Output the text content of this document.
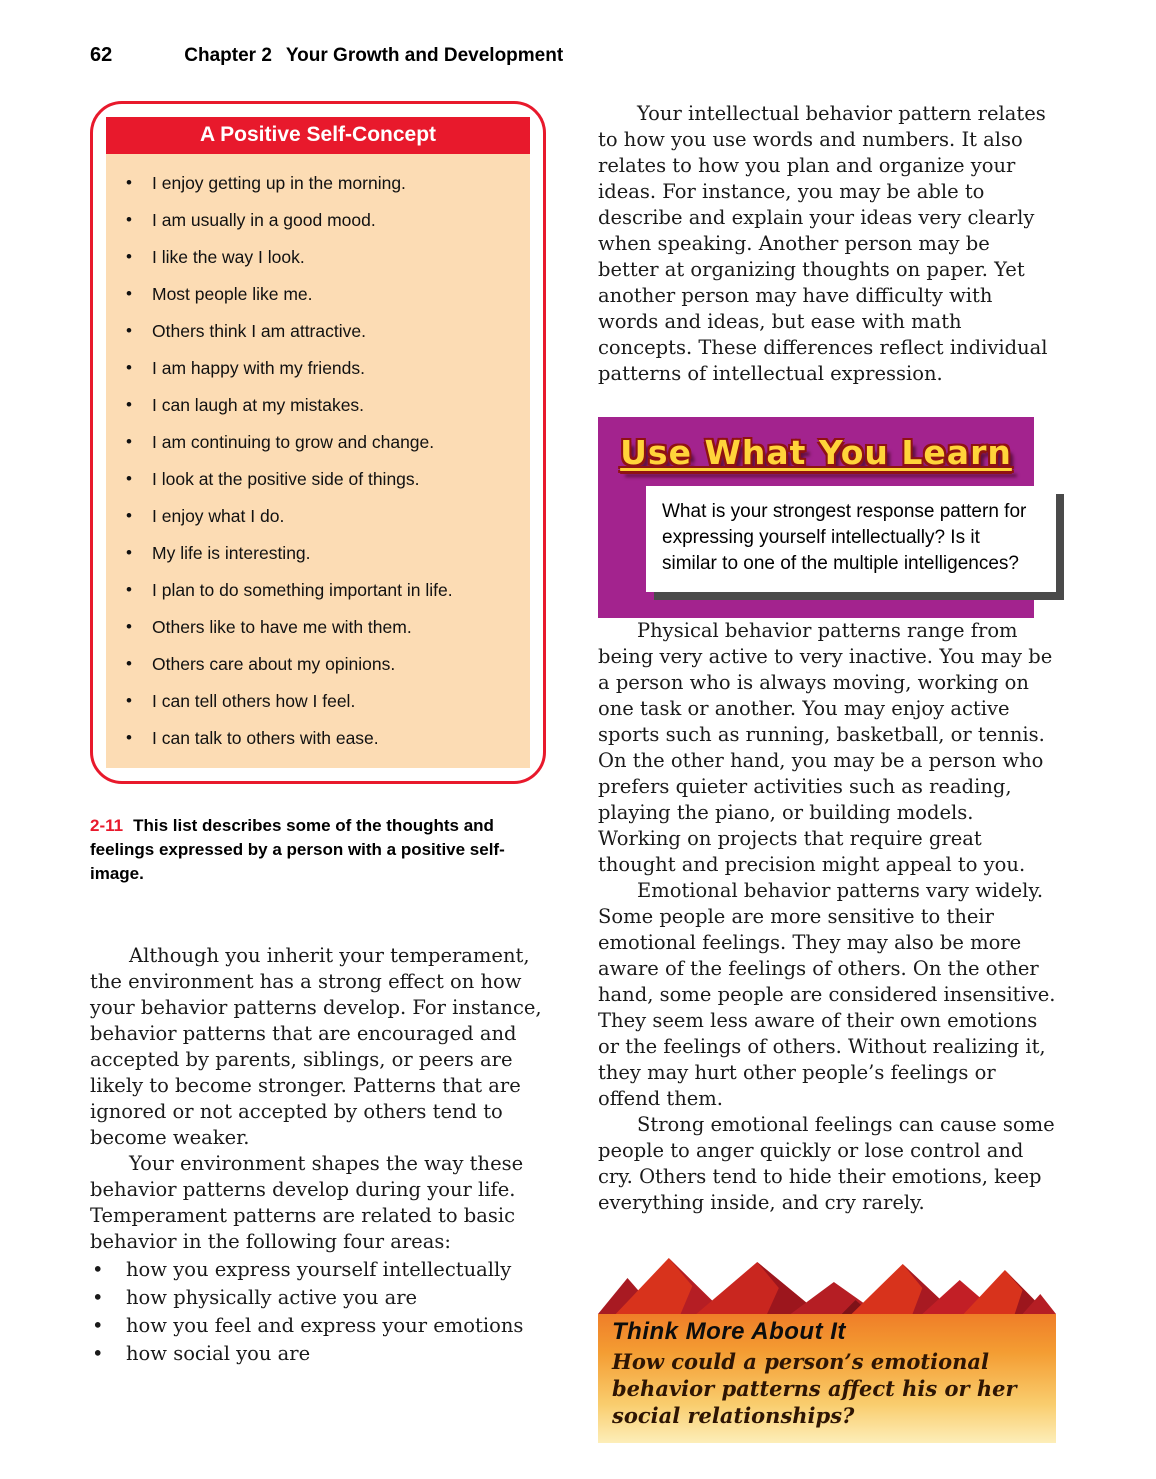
62	Chapter 2 Your Growth and Development
A Positive Self-Concept
•	I enjoy getting up in the morning.
•	I am usually in a good mood.
•	I like the way I look.
•	Most people like me.
•	Others think I am attractive.
•	I am happy with my friends.
•	I can laugh at my mistakes.
•	I am continuing to grow and change.
•	I look at the positive side of things.
•	I enjoy what I do.
•	My life is interesting.
•	I plan to do something important in life.
•	Others like to have me with them.
•	Others care about my opinions.
•	I can tell others how I feel.
•	I can talk to others with ease.
2-11 This list describes some of the thoughts and feelings expressed by a person with a positive self-image.

Although you inherit your temperament, the environment has a strong effect on how your behavior patterns develop. For instance, behavior patterns that are encouraged and accepted by parents, siblings, or peers are likely to become stronger. Patterns that are ignored or not accepted by others tend to become weaker.

Your environment shapes the way these behavior patterns develop during your life. Temperament patterns are related to basic behavior in the following four areas:

•	how you express yourself intellectually
•	how physically active you are
•	how you feel and express your emotions
•	how social you are

Your intellectual behavior pattern relates to how you use words and numbers. It also relates to how you plan and organize your ideas. For instance, you may be able to describe and explain your ideas very clearly when speaking. Another person may be better at organizing thoughts on paper. Yet another person may have difficulty with words and ideas, but ease with math concepts. These differences reflect individual patterns of intellectual expression.

Use What You Learn
What is your strongest response pattern for expressing yourself intellectually? Is it similar to one of the multiple intelligences?

Physical behavior patterns range from being very active to very inactive. You may be a person who is always moving, working on one task or another. You may enjoy active sports such as running, basketball, or tennis. On the other hand, you may be a person who prefers quieter activities such as reading, playing the piano, or building models. Working on projects that require great thought and precision might appeal to you.

Emotional behavior patterns vary widely. Some people are more sensitive to their emotional feelings. They may also be more aware of the feelings of others. On the other hand, some people are considered insensitive. They seem less aware of their own emotions or the feelings of others. Without realizing it, they may hurt other people’s feelings or offend them.

Strong emotional feelings can cause some people to anger quickly or lose control and cry. Others tend to hide their emotions, keep everything inside, and cry rarely.

Think More About It

How could a person’s emotional behavior patterns affect his or her social relationships?
